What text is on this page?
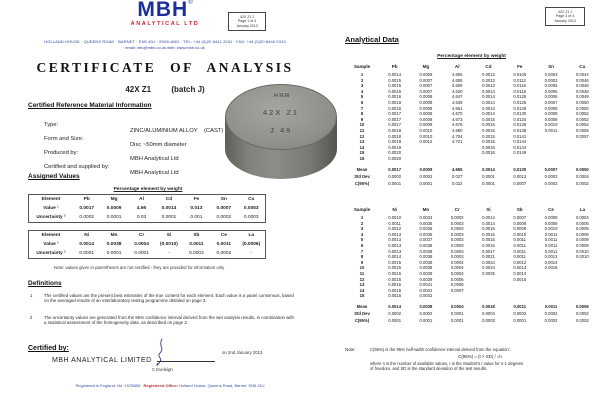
MBH®
ANALYTICAL LTD
42X Z1 J
Page 1 of 4
January 2013
HOLLAND HOUSE · QUEENS ROAD · BARNET · EN5 4DJ · ENGLAND · TEL: +44 (0)20 8441 2031 · FAX: +44 (0)20 8440 0313
email: info@mbh.co.uk web: www.mbh.co.uk
CERTIFICATE OF ANALYSIS
42X Z1	(batch J)
Certified Reference Material Information

Type:

ZINC/ALUMINIUM ALLOY    (CAST)

Form and Size:

Disc ~50mm diameter

Produced by:

MBH Analytical Ltd

Certified and supplied by:

MBH Analytical Ltd

Assigned Values
Percentage element by weight
Element	Pb	Mg	Al	Cd	Fe	Sn	Cu
Value ¹	0.0017	0.0009	4.66	0.0014	0.013	0.0007	0.0053
Uncertainty ²	0.0002	0.0001	0.03	0.0001	0.001	0.0002	0.0003
Element	Ni	Mn	Cr	Si	Sb	Ce	La
Value ¹	0.0014	0.0038	0.0004	(0.0010)	0.0011	0.0011	(0.0006)
Uncertainty ²	0.0001	0.0001	0.0001	-	0.0002	0.0002	-
Note: values given in parentheses are not certified - they are provided for information only
Definitions
1	The certified values are the present best estimates of the true content for each element. Each value is a panel consensus, based on the averaged results of an interlaboratory testing programme detailed on page 3.
2	The uncertainty values are generated from the 95% confidence interval derived from the wet analysis results, in combination with a statistical assessment of the homogeneity data, as described on page 2.
Certified by:
MBH ANALYTICAL LIMITED
C Eveleigh
on 2nd January 2013
Registered in England, No. 1575889 · Registered Office: Holland House, Queens Road, Barnet, EN5 4DJ
MBH
42X Z1
J 49
42X Z1 J
Page 3 of 4
January 2013
Analytical Data
Percentage element by weight
Sample	Pb	Mg	Al	Cd	Fe	Sn	Cu
1	0.0014	0.0006	4.605	0.0012	0.0105	0.0003	0.0044
2	0.0015	0.0007	4.608	0.0013	0.0112	0.0003	0.0046
3	0.0015	0.0007	4.609	0.0013	0.0116	0.0005	0.0046
4	0.0016	0.0007	4.620	0.0014	0.0118	0.0005	0.0048
5	0.0016	0.0006	4.647	0.0014	0.0125	0.0006	0.0049
6	0.0016	0.0008	4.649	0.0014	0.0126	0.0007	0.0050
7	0.0016	0.0008	4.661	0.0014	0.0128	0.0008	0.0050
8	0.0017	0.0008	4.670	0.0014	0.0130	0.0008	0.0052
9	0.0017	0.0008	4.673	0.0015	0.0134	0.0009	0.0052
10	0.0017	0.0009	4.676	0.0015	0.0135	0.0010	0.0054
11	0.0018	0.0010	4.680	0.0015	0.0138	0.0011	0.0055
12	0.0018	0.0010	4.704	0.0015	0.0141		0.0057
13	0.0018	0.0012	4.721	0.0015	0.0144		
14	0.0019			0.0016	0.0144		
15	0.0020			0.0016	0.0149		
16	0.0020						
Mean	0.0017	0.0009	4.655	0.0014	0.0130	0.0007	0.0050
Std Dev	0.0002	0.0002	0.027	0.0001	0.0013	0.0003	0.0004
C(95%)	0.0001	0.0001	0.022	0.0001	0.0007	0.0002	0.0002
Sample	Ni	Mn	Cr	Si	Sb	Ce	La
1	0.0010	0.0034	0.0002	0.0014	0.0007	0.0009	0.0004
2	0.0011	0.0035	0.0003	0.0014	0.0008	0.0009	0.0005
3	0.0012	0.0035	0.0003	0.0015	0.0009	0.0010	0.0005
4	0.0013	0.0035	0.0003	0.0015	0.0010	0.0011	0.0005
5	0.0013	0.0037	0.0003	0.0015	0.0011	0.0011	0.0009
6	0.0013	0.0038	0.0003	0.0016	0.0011	0.0011	0.0009
7	0.0013	0.0038	0.0003	0.0017	0.0011	0.0011	0.0010
8	0.0014	0.0038	0.0003	0.0021	0.0011	0.0012	0.0010
9	0.0015	0.0038	0.0004	0.0024	0.0012	0.0014	
10	0.0015	0.0038	0.0004	0.0024	0.0013	0.0016	
11	0.0015	0.0039	0.0004	0.0025	0.0014		
12	0.0015	0.0039	0.0005		0.0015		
13	0.0015	0.0041	0.0006				
14	0.0016	0.0042	0.0007				
15	0.0016	0.0042					
Mean	0.0014	0.0038	0.0004	0.0018	0.0011	0.0011	0.0006
Std Dev	0.0002	0.0002	0.0001	0.0004	0.0002	0.0002	0.0002
C(95%)	0.0001	0.0001	0.0001	0.0003	0.0001	0.0002	0.0002
Note:	C(95%) is the 95% half-width confidence interval derived from the equation:
C(95%) = (t × SD) / √n
where n is the number of available values, t is the Student's t value for n-1 degrees
of freedom, and SD is the standard deviation of the test results.
